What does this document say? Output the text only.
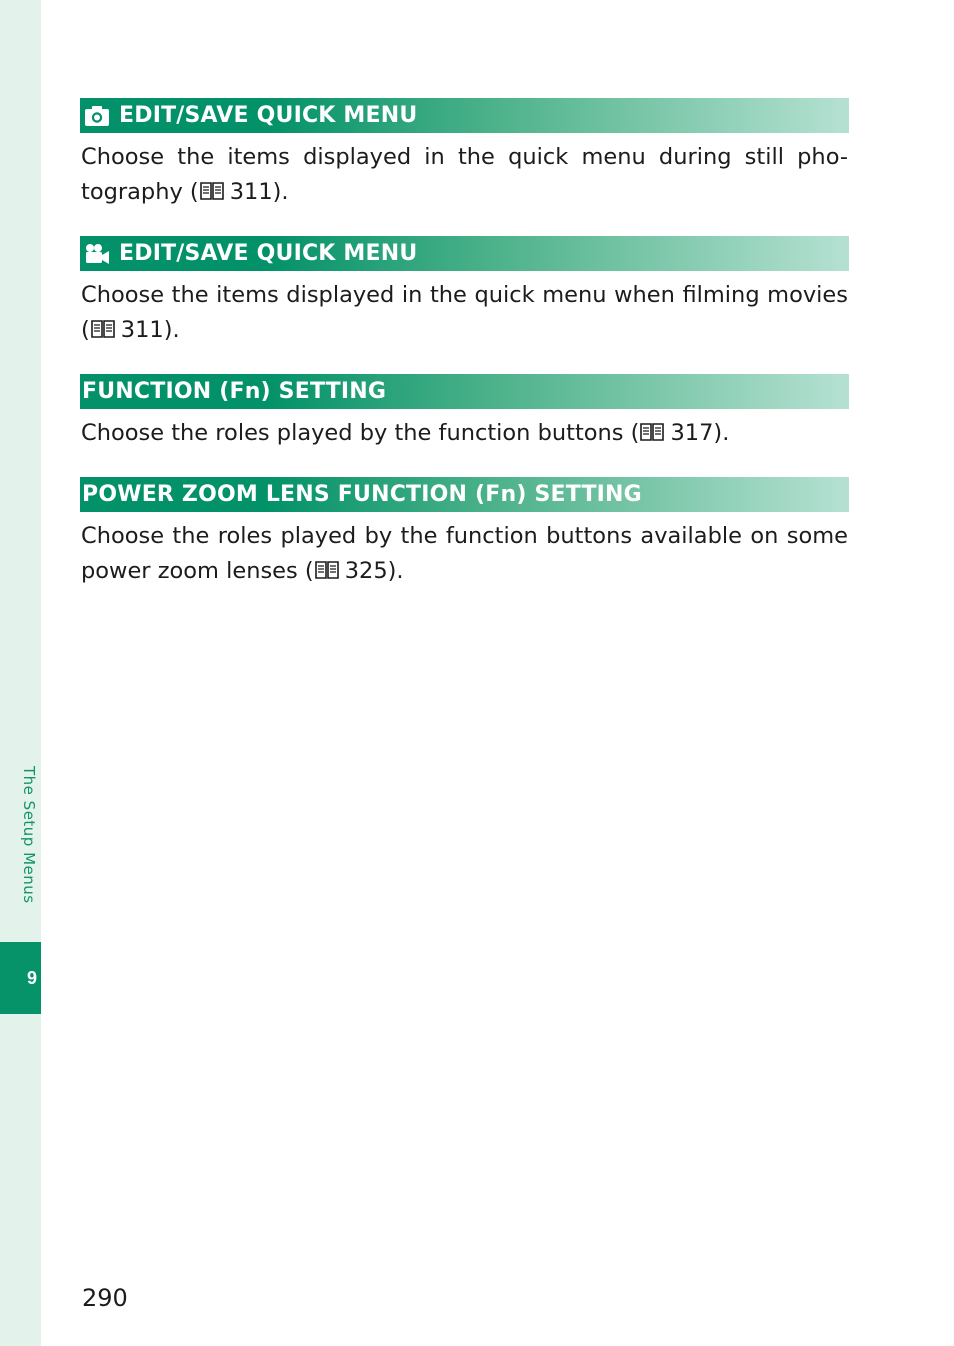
The Setup Menus
9
EDIT/SAVE QUICK MENU
Choose the items displayed in the quick menu during still pho-tography ( 311).
EDIT/SAVE QUICK MENU
Choose the items displayed in the quick menu when filming movies ( 311).
FUNCTION (Fn) SETTING
Choose the roles played by the function buttons ( 317).
POWER ZOOM LENS FUNCTION (Fn) SETTING
Choose the roles played by the function buttons available on some power zoom lenses ( 325).
290
